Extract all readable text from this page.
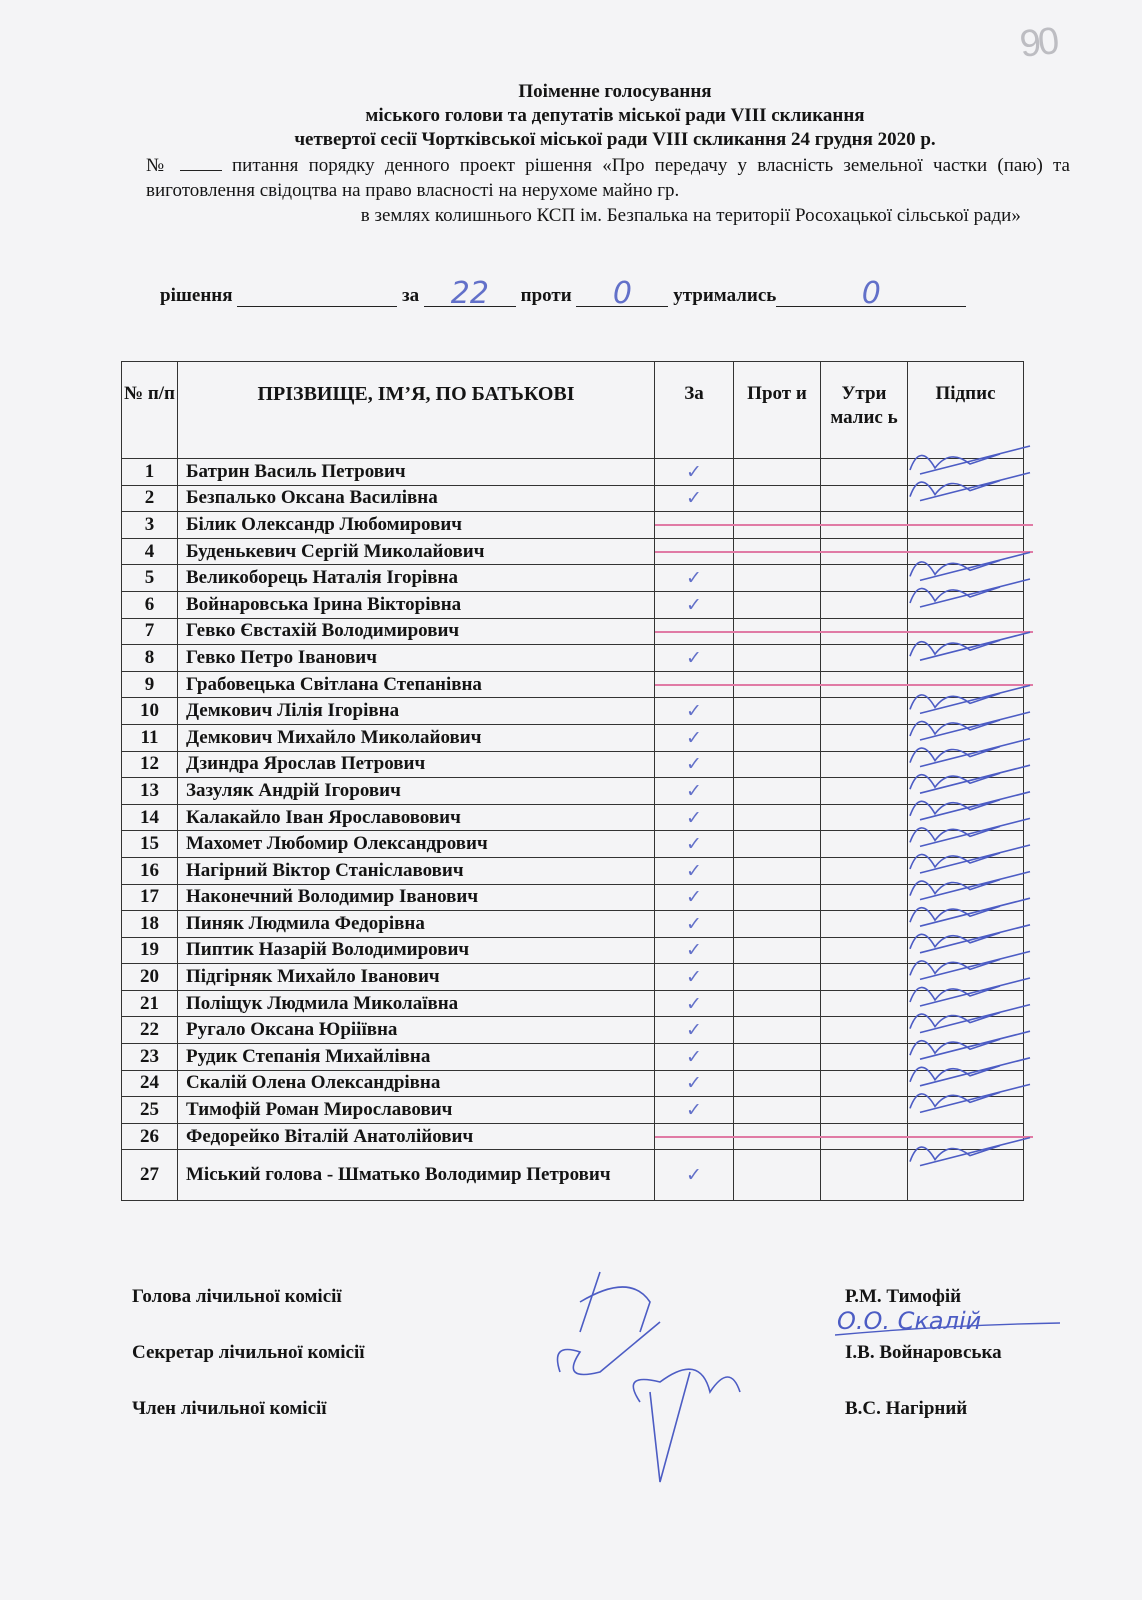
90
Поіменне голосування
міського голови та депутатів міської ради VIII скликання
четвертої сесії Чортківської міської ради VIII скликання 24 грудня 2020 р.
№	питання порядку денного проект рішення «Про передачу у власність земельної частки (паю) та виготовлення свідоцтва на право власності на нерухоме майно гр.
в землях колишнього КСП ім. Безпалька на території Росохацької сільської ради»
рішення	за 22 проти 0 утримались	0
№ п/п	ПРІЗВИЩЕ, ІМ’Я, ПО БАТЬКОВІ	За	Прот и	Утри малис ь	Підпис
1	Батрин Василь Петрович	✓			
2	Безпалько Оксана Василівна	✓			
3	Білик Олександр Любомирович				
4	Буденькевич Сергій Миколайович				
5	Великоборець Наталія Ігорівна	✓			
6	Войнаровська Ірина Вікторівна	✓			
7	Гевко Євстахій Володимирович				
8	Гевко Петро Іванович	✓			
9	Грабовецька Світлана Степанівна				
10	Демкович Лілія Ігорівна	✓			
11	Демкович Михайло Миколайович	✓			
12	Дзиндра Ярослав Петрович	✓			
13	Зазуляк Андрій Ігорович	✓			
14	Калакайло Іван Ярославовович	✓			
15	Махомет Любомир Олександрович	✓			
16	Нагірний Віктор Станіславович	✓			
17	Наконечний Володимир Іванович	✓			
18	Пиняк Людмила Федорівна	✓			
19	Пиптик Назарій Володимирович	✓			
20	Підгірняк Михайло Іванович	✓			
21	Поліщук Людмила Миколаївна	✓			
22	Ругало Оксана Юріiївна	✓			
23	Рудик Степанія Михайлівна	✓			
24	Скалій Олена Олександрівна	✓			
25	Тимофій Роман Мирославович	✓			
26	Федорейко Віталій Анатолійович				
27	Міський голова - Шматько Володимир Петрович	✓			
Голова лічильної комісії	Р.М. Тимофій
Секретар лічильної комісії	І.В. Войнаровська
Член лічильної комісії	В.С. Нагірний
О.О. Скалій
